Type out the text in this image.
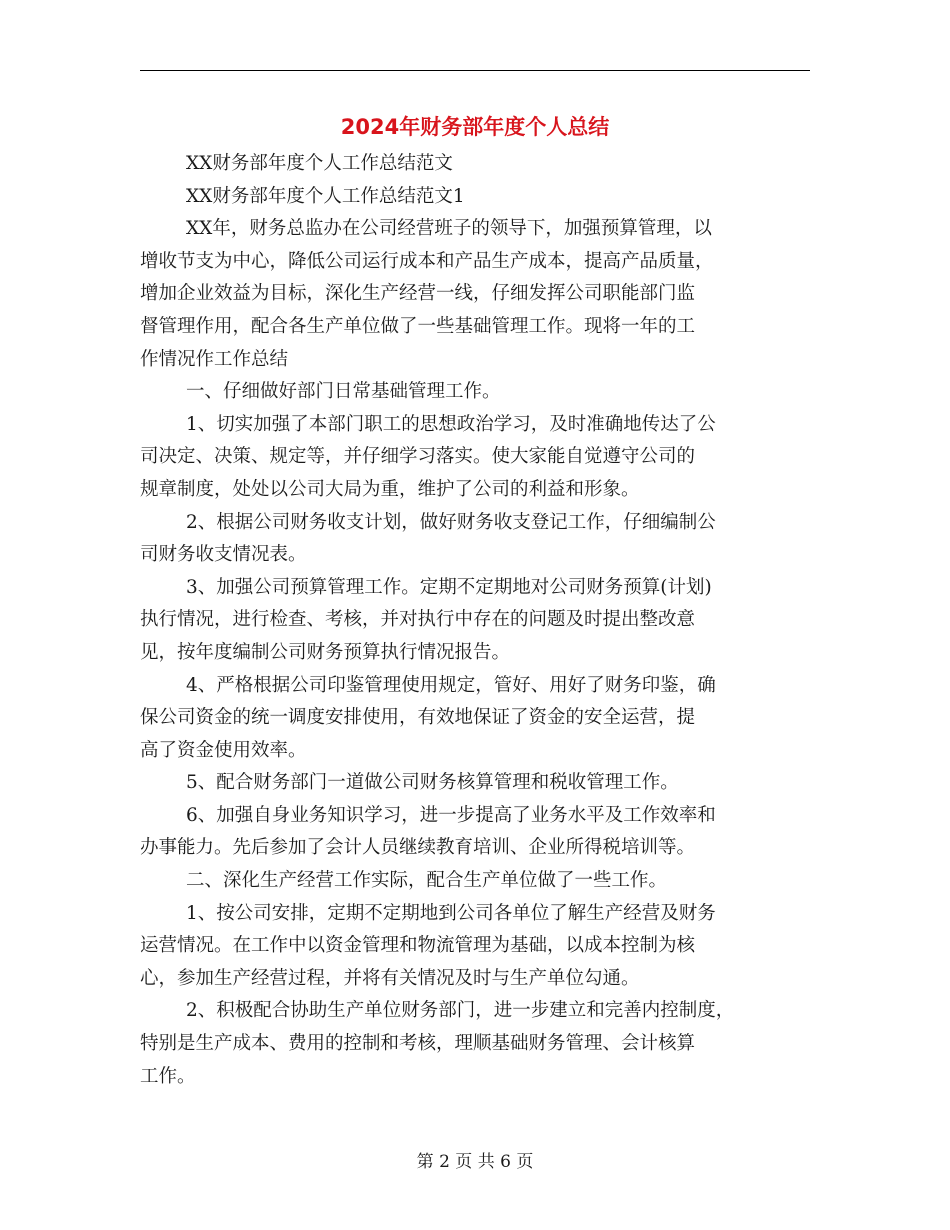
2024年财务部年度个人总结
XX财务部年度个人工作总结范文
XX财务部年度个人工作总结范文1
XX年，财务总监办在公司经营班子的领导下，加强预算管理，以
增收节支为中心，降低公司运行成本和产品生产成本，提高产品质量，
增加企业效益为目标，深化生产经营一线，仔细发挥公司职能部门监
督管理作用，配合各生产单位做了一些基础管理工作。现将一年的工
作情况作工作总结
一、仔细做好部门日常基础管理工作。
1、切实加强了本部门职工的思想政治学习，及时准确地传达了公
司决定、决策、规定等，并仔细学习落实。使大家能自觉遵守公司的
规章制度，处处以公司大局为重，维护了公司的利益和形象。
2、根据公司财务收支计划，做好财务收支登记工作，仔细编制公
司财务收支情况表。
3、加强公司预算管理工作。定期不定期地对公司财务预算(计划)
执行情况，进行检查、考核，并对执行中存在的问题及时提出整改意
见，按年度编制公司财务预算执行情况报告。
4、严格根据公司印鉴管理使用规定，管好、用好了财务印鉴，确
保公司资金的统一调度安排使用，有效地保证了资金的安全运营，提
高了资金使用效率。
5、配合财务部门一道做公司财务核算管理和税收管理工作。
6、加强自身业务知识学习，进一步提高了业务水平及工作效率和
办事能力。先后参加了会计人员继续教育培训、企业所得税培训等。
二、深化生产经营工作实际，配合生产单位做了一些工作。
1、按公司安排，定期不定期地到公司各单位了解生产经营及财务
运营情况。在工作中以资金管理和物流管理为基础，以成本控制为核
心，参加生产经营过程，并将有关情况及时与生产单位勾通。
2、积极配合协助生产单位财务部门，进一步建立和完善内控制度，
特别是生产成本、费用的控制和考核，理顺基础财务管理、会计核算
工作。
第 2 页 共 6 页
